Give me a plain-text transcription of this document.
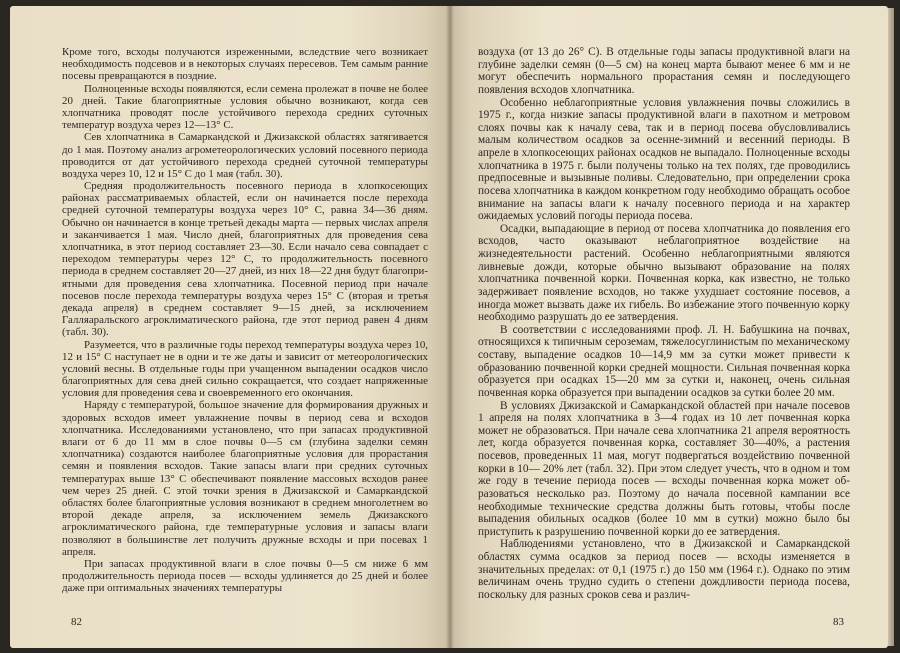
Кроме того, всходы получаются изреженными, вследствие чего возникает необходимость подсевов и в некоторых случаях пересевов. Тем самым ранние посевы превращаются в поздние.

Полноценные всходы появляются, если семена пролежат в почве не более 20 дней. Такие благоприятные условия обычно возникают, когда сев хлопчатника проводят после устойчивого перехода средних суточных температур воздуха через 12—13° С.

Сев хлопчатника в Самаркандской и Джизакской областях затягивается до 1 мая. Поэтому анализ агрометеорологических условий посевного периода проводится от дат устойчивого перехода средней суточной температуры воздуха через 10, 12 и 15° С до 1 мая (табл. 30).

Средняя продолжительность посевного периода в хлопкосеющих районах рассматриваемых областей, если он начинается после перехода средней суточной температуры воздуха через 10° С, равна 34—36 дням. Обычно он начинается в конце третьей декады марта — первых числах апреля и заканчивается 1 мая. Число дней, благоприятных для проведения сева хлопчатника, в этот период составляет 23—30. Если начало сева совпадает с переходом температуры через 12° С, то продолжительность посевного периода в среднем составляет 20—27 дней, из них 18—22 дня будут благоприятными для проведения сева хлопчатника. Посевной период при начале посевов после перехода температуры воздуха через 15° С (вторая и третья декада апреля) в среднем составляет 9—15 дней, за исключением Галляаральского агроклиматического района, где этот период равен 4 дням (табл. 30).

Разумеется, что в различные годы переход температуры воздуха через 10, 12 и 15° С наступает не в одни и те же даты и зависит от метеорологических условий весны. В отдельные годы при учащенном выпадении осадков число благоприятных для сева дней сильно сокращается, что создает напряженные условия для проведения сева и своевременного его окончания.

Наряду с температурой, большое значение для формирования дружных и здоровых всходов имеет увлажнение почвы в период сева и всходов хлопчатника. Исследованиями установлено, что при запасах продуктивной влаги от 6 до 11 мм в слое почвы 0—5 см (глубина заделки семян хлопчатника) создаются наиболее благоприятные условия для прорастания семян и появления всходов. Такие запасы влаги при средних суточных температурах выше 13° С обеспечивают появление массовых всходов ранее чем через 25 дней. С этой точки зрения в Джизакской и Самаркандской областях более благоприятные условия возникают в среднем многолетнем во второй декаде апреля, за исключением земель Джизакского агроклиматического района, где температурные условия и запасы влаги позволяют в большинстве лет получить дружные всходы и при посевах 1 апреля.

При запасах продуктивной влаги в слое почвы 0—5 см ниже 6 мм продолжительность периода посев — всходы удлиняется до 25 дней и более даже при оптимальных значениях температуры

82

воздуха (от 13 до 26° С). В отдельные годы запасы продуктивной влаги на глубине заделки семян (0—5 см) на конец марта бывают менее 6 мм и не могут обеспечить нормального прорастания семян и последующего появления всходов хлопчатника.

Особенно неблагоприятные условия увлажнения почвы сложились в 1975 г., когда низкие запасы продуктивной влаги в пахотном и метровом слоях почвы как к началу сева, так и в период посева обусловливались малым количеством осадков за осенне-зимний и весенний периоды. В апреле в хлопкосеющих районах осадков не выпадало. Полноценные всходы хлопчатника в 1975 г. были получены только на тех полях, где проводились предпосевные и вызывные поливы. Следовательно, при определении срока посева хлопчатника в каждом конкретном году необходимо обращать особое внимание на запасы влаги к началу посевного периода и на характер ожидаемых условий погоды периода посева.

Осадки, выпадающие в период от посева хлопчатника до появления его всходов, часто оказывают неблагоприятное воздействие на жизнедеятельности растений. Особенно неблагоприятными являются ливневые дожди, которые обычно вызывают образование на полях хлопчатника почвенной корки. Почвенная корка, как известно, не только задерживает появление всходов, но также ухудшает состояние посевов, а иногда может вызвать даже их гибель. Во избежание этого почвенную корку необходимо разрушать до ее затвердения.

В соответствии с исследованиями проф. Л. Н. Бабушкина на почвах, относящихся к типичным сероземам, тяжелосуглинистым по механическому составу, выпадение осадков 10—14,9 мм за сутки может привести к образованию почвенной корки средней мощности. Сильная почвенная корка образуется при осадках 15—20 мм за сутки и, наконец, очень сильная почвенная корка образуется при выпадении осадков за сутки более 20 мм.

В условиях Джизакской и Самаркандской областей при начале посевов 1 апреля на полях хлопчатника в 3—4 годах из 10 лет почвенная корка может не образоваться. При начале сева хлопчатника 21 апреля вероятность лет, когда образуется почвенная корка, составляет 30—40%, а растения посевов, проведенных 11 мая, могут подвергаться воздействию почвенной корки в 10— 20% лет (табл. 32). При этом следует учесть, что в одном и том же году в течение периода посев — всходы почвенная корка может образоваться несколько раз. Поэтому до начала посевной кампании все необходимые технические средства должны быть готовы, чтобы после выпадения обильных осадков (более 10 мм в сутки) можно было бы приступить к разрушению почвенной корки до ее затвердения.

Наблюдениями установлено, что в Джизакской и Самаркандской областях сумма осадков за период посев — всходы изменяется в значительных пределах: от 0,1 (1975 г.) до 150 мм (1964 г.). Однако по этим величинам очень трудно судить о степени дождливости периода посева, поскольку для разных сроков сева и различ-

83
